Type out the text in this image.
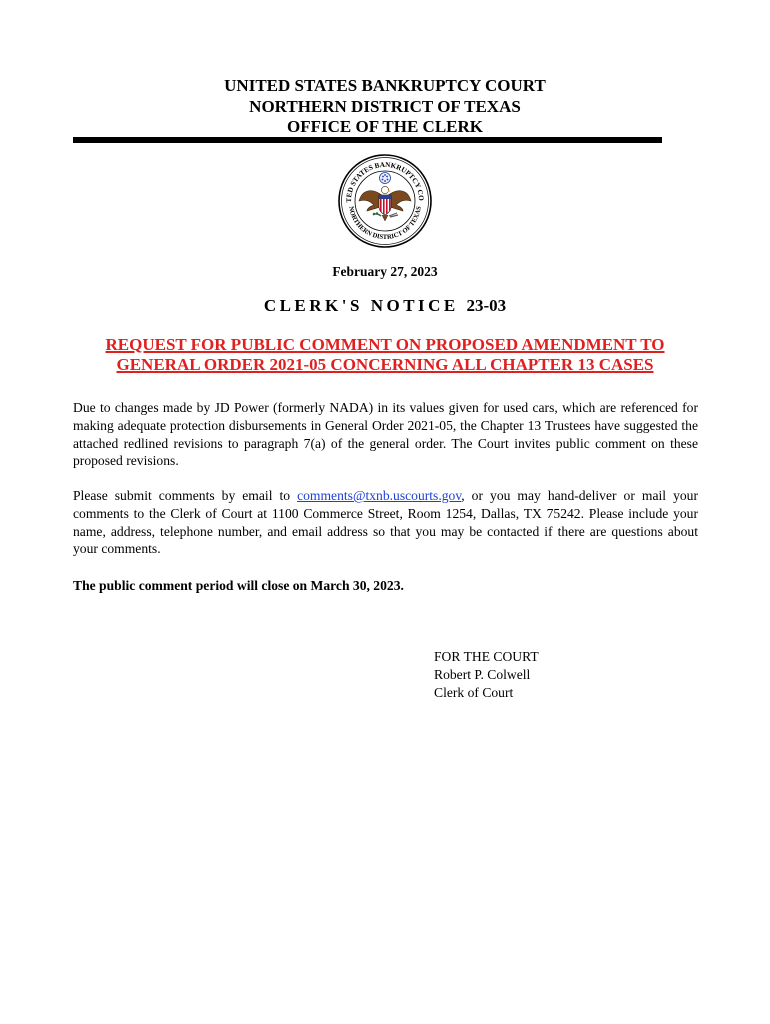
UNITED STATES BANKRUPTCY COURT
NORTHERN DISTRICT OF TEXAS
OFFICE OF THE CLERK
TED STATES BANKRUPTCY CO
NORTHERN DISTRICT OF TEXAS
February 27, 2023
CLERK'S NOTICE 23-03
REQUEST FOR PUBLIC COMMENT ON PROPOSED AMENDMENT TO
GENERAL ORDER 2021-05 CONCERNING ALL CHAPTER 13 CASES
Due to changes made by JD Power (formerly NADA) in its values given for used cars, which are referenced for making adequate protection disbursements in General Order 2021-05, the Chapter 13 Trustees have suggested the attached redlined revisions to paragraph 7(a) of the general order. The Court invites public comment on these proposed revisions.
Please submit comments by email to comments@txnb.uscourts.gov, or you may hand-deliver or mail your comments to the Clerk of Court at 1100 Commerce Street, Room 1254, Dallas, TX 75242. Please include your name, address, telephone number, and email address so that you may be contacted if there are questions about your comments.
The public comment period will close on March 30, 2023.
FOR THE COURT
Robert P. Colwell
Clerk of Court
